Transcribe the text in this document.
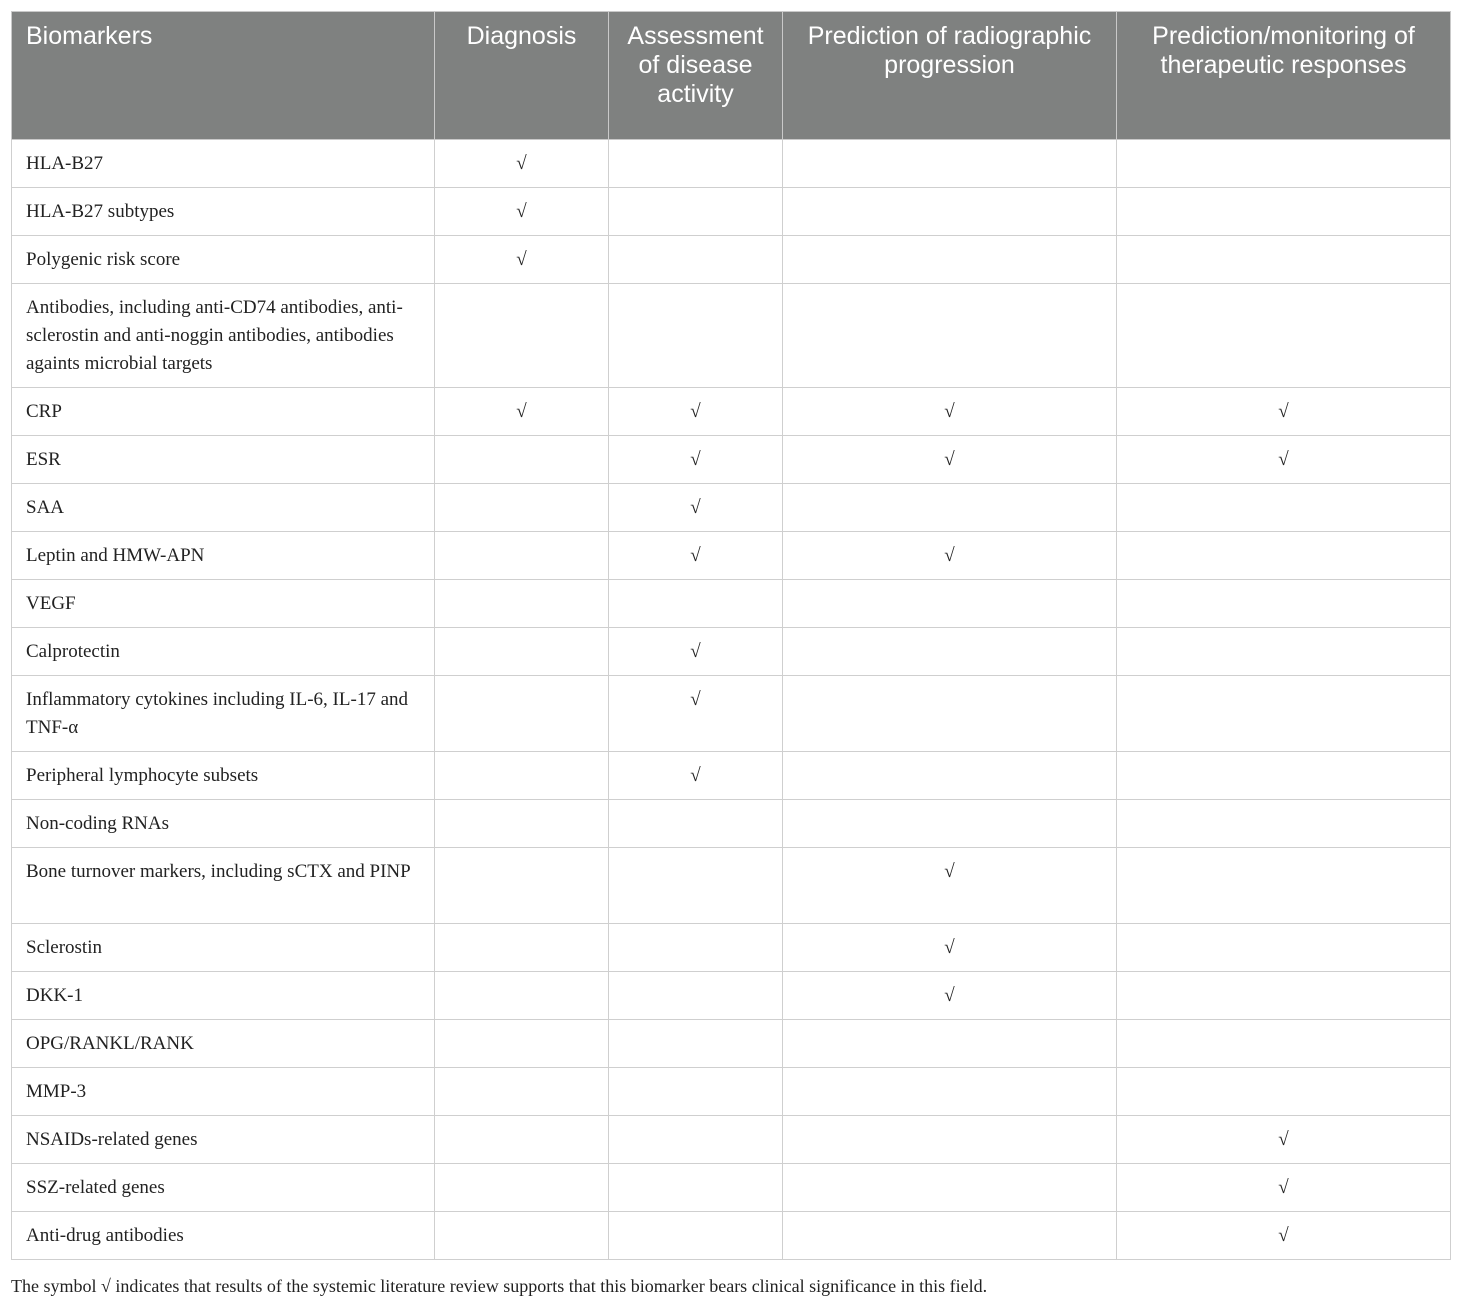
Biomarkers	Diagnosis	Assessment of disease activity	Prediction of radiographic progression	Prediction/monitoring of therapeutic responses
HLA-B27	√			
HLA-B27 subtypes	√			
Polygenic risk score	√			
Antibodies, including anti-CD74 antibodies, anti-sclerostin and anti-noggin antibodies, antibodies againts microbial targets				
CRP	√	√	√	√
ESR		√	√	√
SAA		√		
Leptin and HMW-APN		√	√	
VEGF				
Calprotectin		√		
Inflammatory cytokines including IL-6, IL-17 and TNF-α		√		
Peripheral lymphocyte subsets		√		
Non-coding RNAs				
Bone turnover markers, including sCTX and PINP			√	
Sclerostin			√	
DKK-1			√	
OPG/RANKL/RANK				
MMP-3				
NSAIDs-related genes				√
SSZ-related genes				√
Anti-drug antibodies				√
The symbol √ indicates that results of the systemic literature review supports that this biomarker bears clinical significance in this field.
